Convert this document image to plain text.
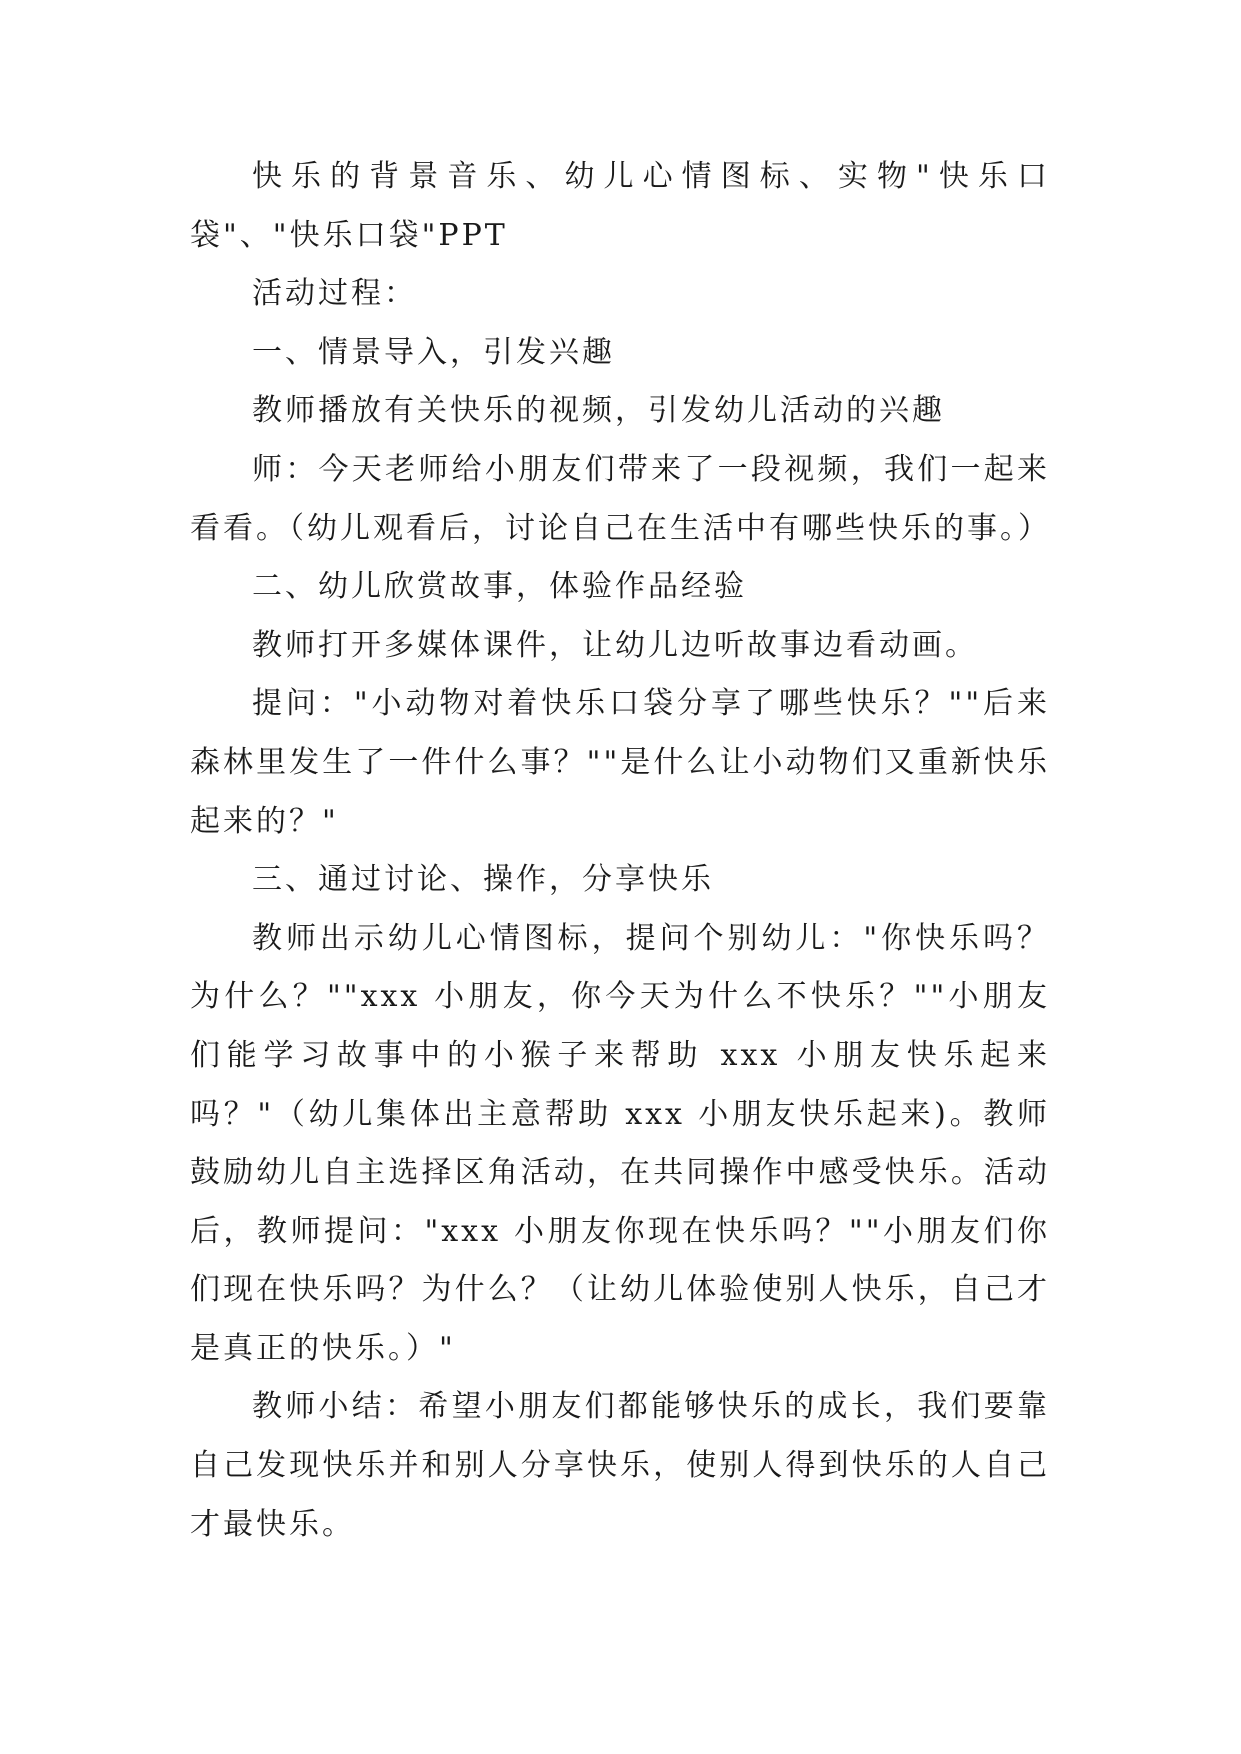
快乐的背景音乐、幼儿心情图标、实物"快乐口袋"、"快乐口袋"PPT

活动过程：

一、情景导入，引发兴趣

教师播放有关快乐的视频，引发幼儿活动的兴趣

师：今天老师给小朋友们带来了一段视频，我们一起来看看。（幼儿观看后，讨论自己在生活中有哪些快乐的事。）

二、幼儿欣赏故事，体验作品经验

教师打开多媒体课件，让幼儿边听故事边看动画。

提问："小动物对着快乐口袋分享了哪些快乐？""后来森林里发生了一件什么事？""是什么让小动物们又重新快乐起来的？"

三、通过讨论、操作，分享快乐

教师出示幼儿心情图标，提问个别幼儿："你快乐吗？为什么？""xxx 小朋友，你今天为什么不快乐？""小朋友们能学习故事中的小猴子来帮助 xxx 小朋友快乐起来吗？"（幼儿集体出主意帮助 xxx 小朋友快乐起来)。教师鼓励幼儿自主选择区角活动，在共同操作中感受快乐。活动后，教师提问："xxx 小朋友你现在快乐吗？""小朋友们你们现在快乐吗？为什么？（让幼儿体验使别人快乐，自己才是真正的快乐。）"

教师小结：希望小朋友们都能够快乐的成长，我们要靠自己发现快乐并和别人分享快乐，使别人得到快乐的人自己才最快乐。
